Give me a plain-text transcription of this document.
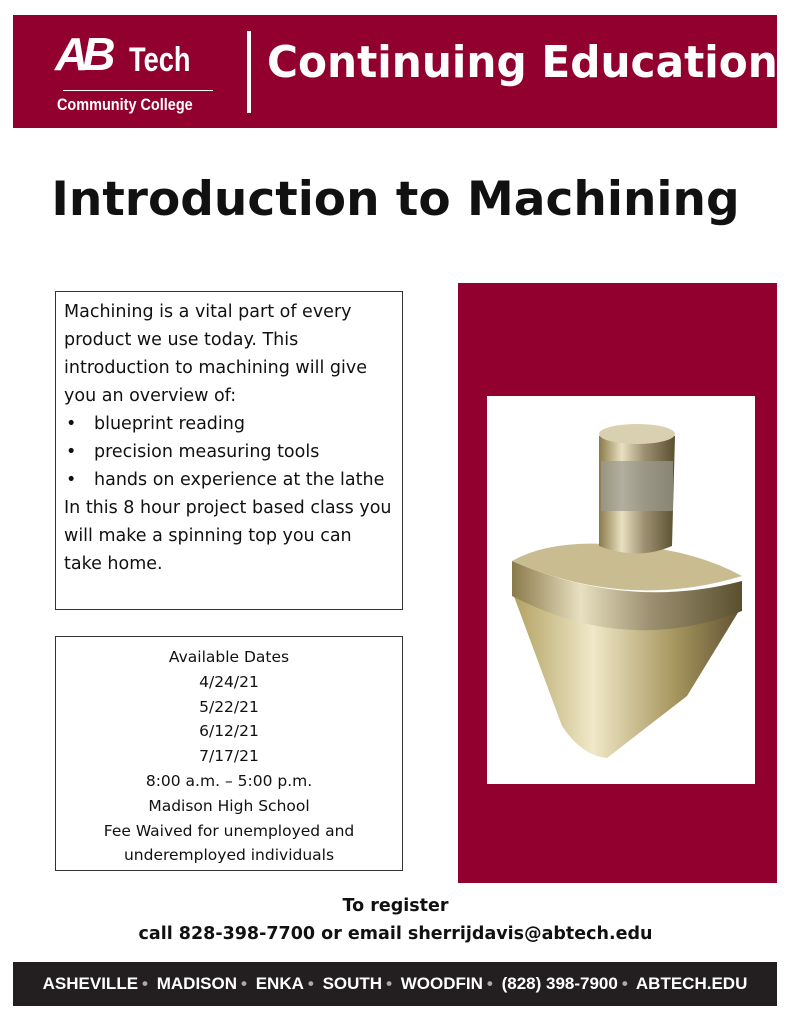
AB Tech
Community College
Continuing Education
Introduction to Machining
Machining is a vital part of every product we use today. This introduction to machining will give you an overview of:
• blueprint reading
• precision measuring tools
• hands on experience at the lathe
In this 8 hour project based class you will make a spinning top you can take home.
Available Dates
4/24/21
5/22/21
6/12/21
7/17/21
8:00 a.m. – 5:00 p.m.
Madison High School
Fee Waived for unemployed and
underemployed individuals
To register
call 828-398-7700 or email sherrijdavis@abtech.edu
ASHEVILLE • MADISON • ENKA • SOUTH • WOODFIN • (828) 398-7900 • ABTECH.EDU
